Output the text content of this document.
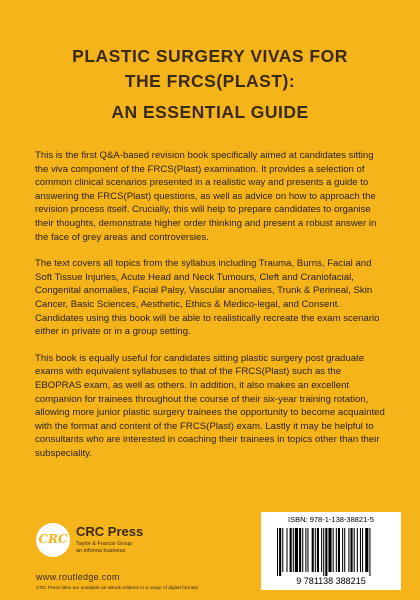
PLASTIC SURGERY VIVAS FOR
THE FRCS(PLAST):
AN ESSENTIAL GUIDE

This is the first Q&A-based revision book specifically aimed at candidates sitting the viva component of the FRCS(Plast) examination. It provides a selection of common clinical scenarios presented in a realistic way and presents a guide to answering the FRCS(Plast) questions, as well as advice on how to approach the revision process itself. Crucially, this will help to prepare candidates to organise their thoughts, demonstrate higher order thinking and present a robust answer in the face of grey areas and controversies.

The text covers all topics from the syllabus including Trauma, Burns, Facial and Soft Tissue Injuries, Acute Head and Neck Tumours, Cleft and Craniofacial, Congenital anomalies, Facial Palsy, Vascular anomalies, Trunk & Perineal, Skin Cancer, Basic Sciences, Aesthetic, Ethics & Medico-legal, and Consent. Candidates using this book will be able to realistically recreate the exam scenario either in private or in a group setting.

This book is equally useful for candidates sitting plastic surgery post graduate exams with equivalent syllabuses to that of the FRCS(Plast) such as the EBOPRAS exam, as well as others. In addition, it also makes an excellent companion for trainees throughout the course of their six-year training rotation, allowing more junior plastic surgery trainees the opportunity to become acquainted with the format and content of the FRCS(Plast) exam. Lastly it may be helpful to consultants who are interested in coaching their trainees in topics other than their subspeciality.

CRC CRC Press
Taylor & Francis Group
an informa business
www.routledge.com
CRC Press titles are available as eBook editions in a range of digital formats
ISBN: 978-1-138-38821-5
9 781138 388215
